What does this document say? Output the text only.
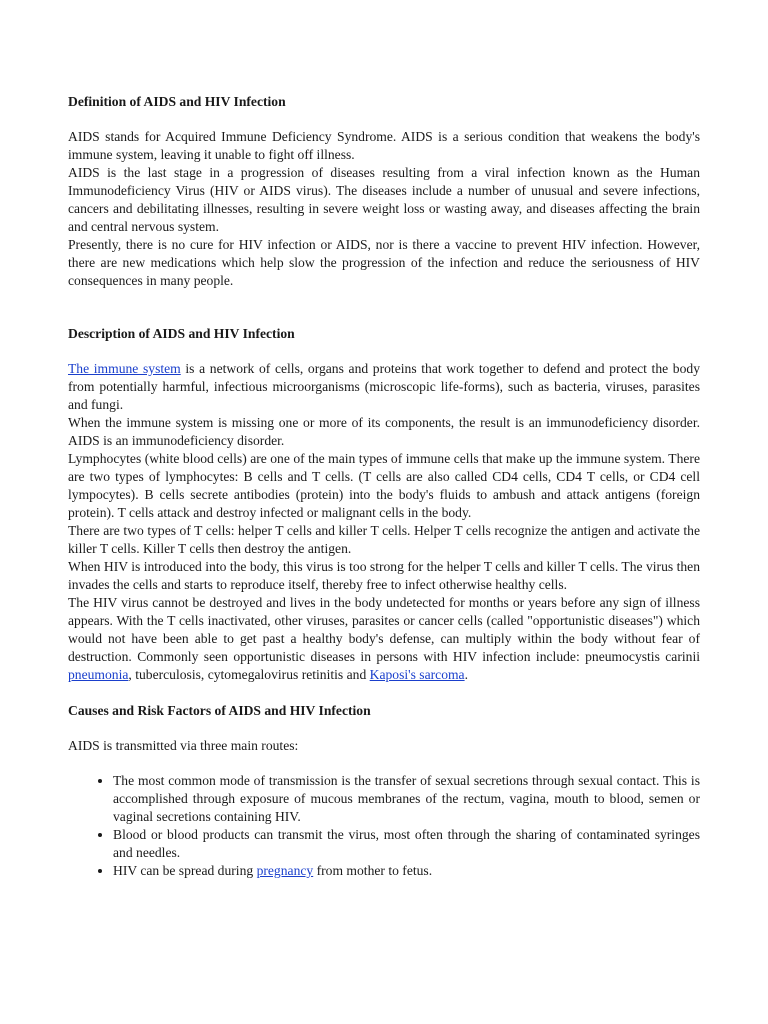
Definition of AIDS and HIV Infection

AIDS stands for Acquired Immune Deficiency Syndrome. AIDS is a serious condition that weakens the body's immune system, leaving it unable to fight off illness.

AIDS is the last stage in a progression of diseases resulting from a viral infection known as the Human Immunodeficiency Virus (HIV or AIDS virus). The diseases include a number of unusual and severe infections, cancers and debilitating illnesses, resulting in severe weight loss or wasting away, and diseases affecting the brain and central nervous system.

Presently, there is no cure for HIV infection or AIDS, nor is there a vaccine to prevent HIV infection. However, there are new medications which help slow the progression of the infection and reduce the seriousness of HIV consequences in many people.

Description of AIDS and HIV Infection

The immune system is a network of cells, organs and proteins that work together to defend and protect the body from potentially harmful, infectious microorganisms (microscopic life-forms), such as bacteria, viruses, parasites and fungi.

When the immune system is missing one or more of its components, the result is an immunodeficiency disorder. AIDS is an immunodeficiency disorder.

Lymphocytes (white blood cells) are one of the main types of immune cells that make up the immune system. There are two types of lymphocytes: B cells and T cells. (T cells are also called CD4 cells, CD4 T cells, or CD4 cell lympocytes). B cells secrete antibodies (protein) into the body's fluids to ambush and attack antigens (foreign protein). T cells attack and destroy infected or malignant cells in the body.

There are two types of T cells: helper T cells and killer T cells. Helper T cells recognize the antigen and activate the killer T cells. Killer T cells then destroy the antigen.

When HIV is introduced into the body, this virus is too strong for the helper T cells and killer T cells. The virus then invades the cells and starts to reproduce itself, thereby free to infect otherwise healthy cells.

The HIV virus cannot be destroyed and lives in the body undetected for months or years before any sign of illness appears. With the T cells inactivated, other viruses, parasites or cancer cells (called "opportunistic diseases") which would not have been able to get past a healthy body's defense, can multiply within the body without fear of destruction. Commonly seen opportunistic diseases in persons with HIV infection include: pneumocystis carinii pneumonia, tuberculosis, cytomegalovirus retinitis and Kaposi's sarcoma.

Causes and Risk Factors of AIDS and HIV Infection

AIDS is transmitted via three main routes:

• The most common mode of transmission is the transfer of sexual secretions through sexual contact. This is accomplished through exposure of mucous membranes of the rectum, vagina, mouth to blood, semen or vaginal secretions containing HIV.
• Blood or blood products can transmit the virus, most often through the sharing of contaminated syringes and needles.
• HIV can be spread during pregnancy from mother to fetus.
